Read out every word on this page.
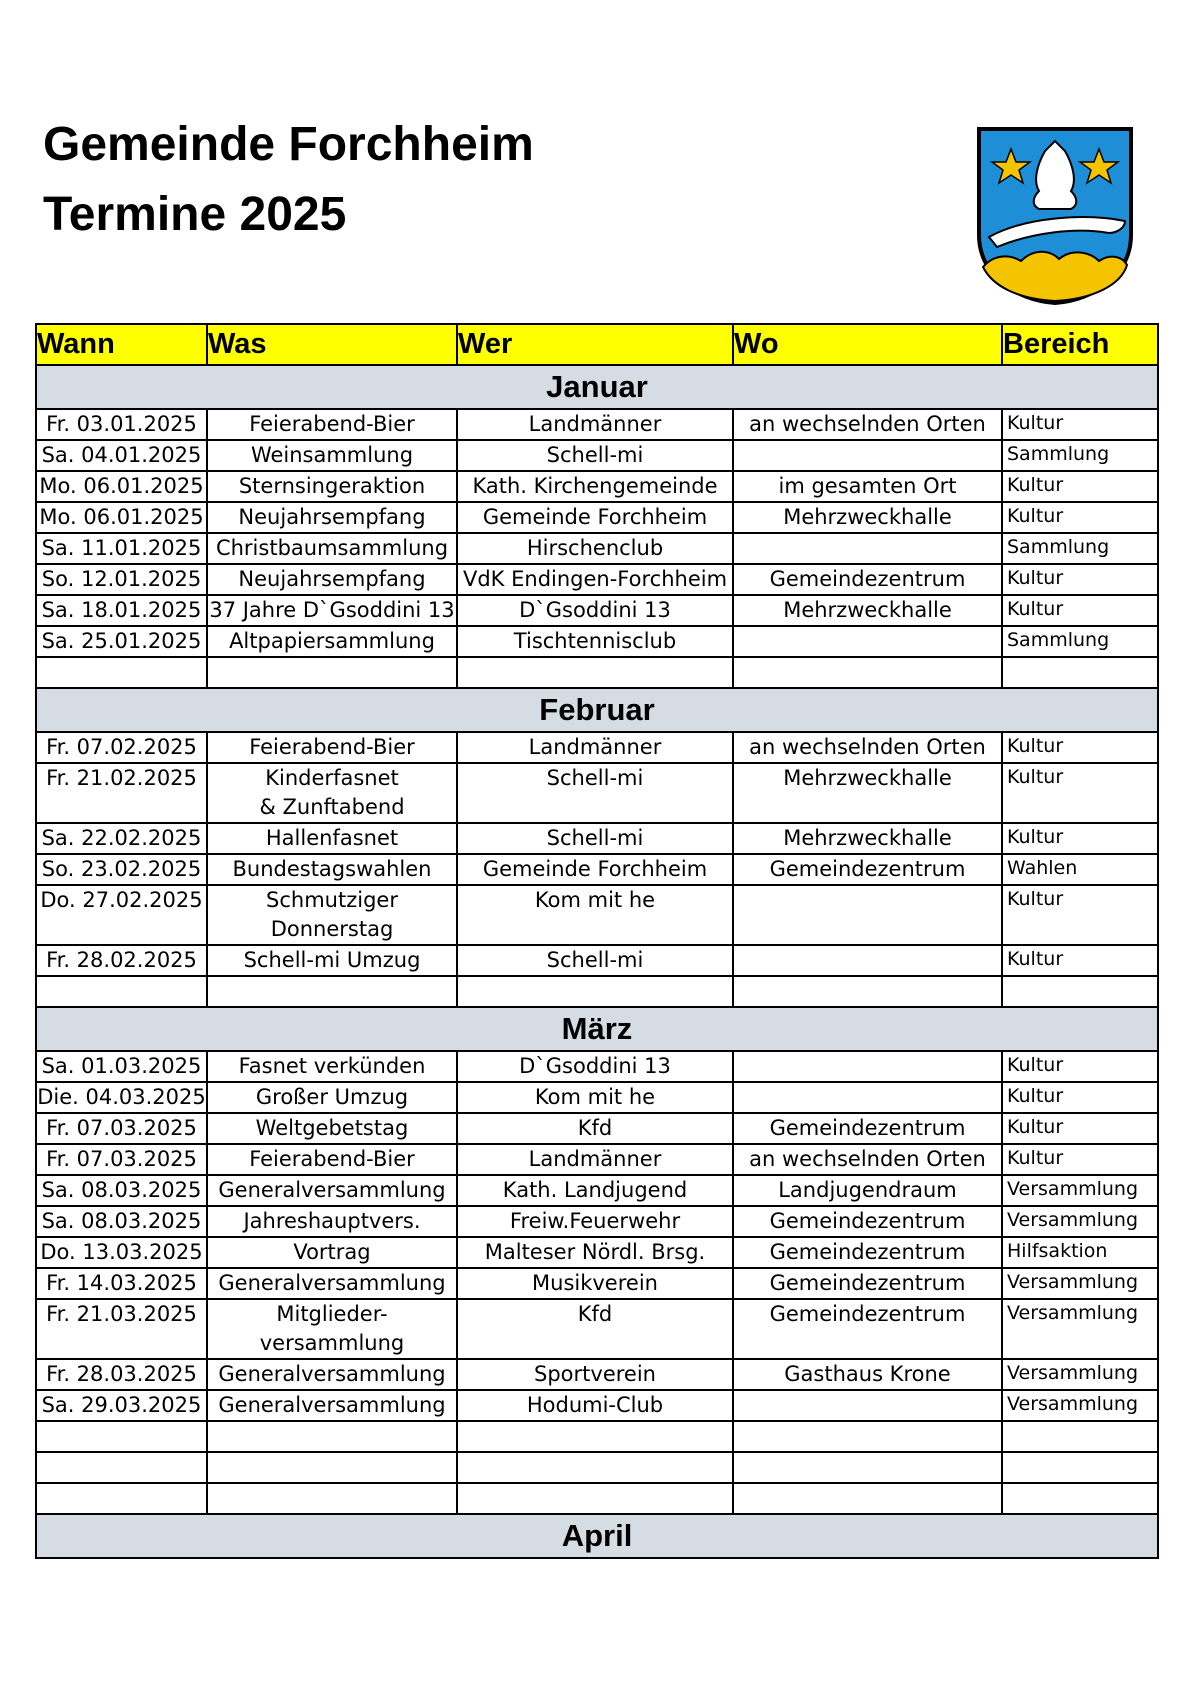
Gemeinde Forchheim
Termine 2025
Wann	Was	Wer	Wo	Bereich
Januar				
Fr. 03.01.2025	Feierabend-Bier	Landmänner	an wechselnden Orten	Kultur
Sa. 04.01.2025	Weinsammlung	Schell-mi		Sammlung
Mo. 06.01.2025	Sternsingeraktion	Kath. Kirchengemeinde	im gesamten Ort	Kultur
Mo. 06.01.2025	Neujahrsempfang	Gemeinde Forchheim	Mehrzweckhalle	Kultur
Sa. 11.01.2025	Christbaumsammlung	Hirschenclub		Sammlung
So. 12.01.2025	Neujahrsempfang	VdK Endingen-Forchheim	Gemeindezentrum	Kultur
Sa. 18.01.2025	37 Jahre D`Gsoddini 13	D`Gsoddini 13	Mehrzweckhalle	Kultur
Sa. 25.01.2025	Altpapiersammlung	Tischtennisclub		Sammlung

Februar				
Fr. 07.02.2025	Feierabend-Bier	Landmänner	an wechselnden Orten	Kultur
Fr. 21.02.2025	Kinderfasnet
& Zunftabend	Schell-mi	Mehrzweckhalle	Kultur
Sa. 22.02.2025	Hallenfasnet	Schell-mi	Mehrzweckhalle	Kultur
So. 23.02.2025	Bundestagswahlen	Gemeinde Forchheim	Gemeindezentrum	Wahlen
Do. 27.02.2025	Schmutziger
Donnerstag	Kom mit he		Kultur
Fr. 28.02.2025	Schell-mi Umzug	Schell-mi		Kultur

März				
Sa. 01.03.2025	Fasnet verkünden	D`Gsoddini 13		Kultur
Die. 04.03.2025	Großer Umzug	Kom mit he		Kultur
Fr. 07.03.2025	Weltgebetstag	Kfd	Gemeindezentrum	Kultur
Fr. 07.03.2025	Feierabend-Bier	Landmänner	an wechselnden Orten	Kultur
Sa. 08.03.2025	Generalversammlung	Kath. Landjugend	Landjugendraum	Versammlung
Sa. 08.03.2025	Jahreshauptvers.	Freiw.Feuerwehr	Gemeindezentrum	Versammlung
Do. 13.03.2025	Vortrag	Malteser Nördl. Brsg.	Gemeindezentrum	Hilfsaktion
Fr. 14.03.2025	Generalversammlung	Musikverein	Gemeindezentrum	Versammlung
Fr. 21.03.2025	Mitglieder-
versammlung	Kfd	Gemeindezentrum	Versammlung
Fr. 28.03.2025	Generalversammlung	Sportverein	Gasthaus Krone	Versammlung
Sa. 29.03.2025	Generalversammlung	Hodumi-Club		Versammlung

April				
